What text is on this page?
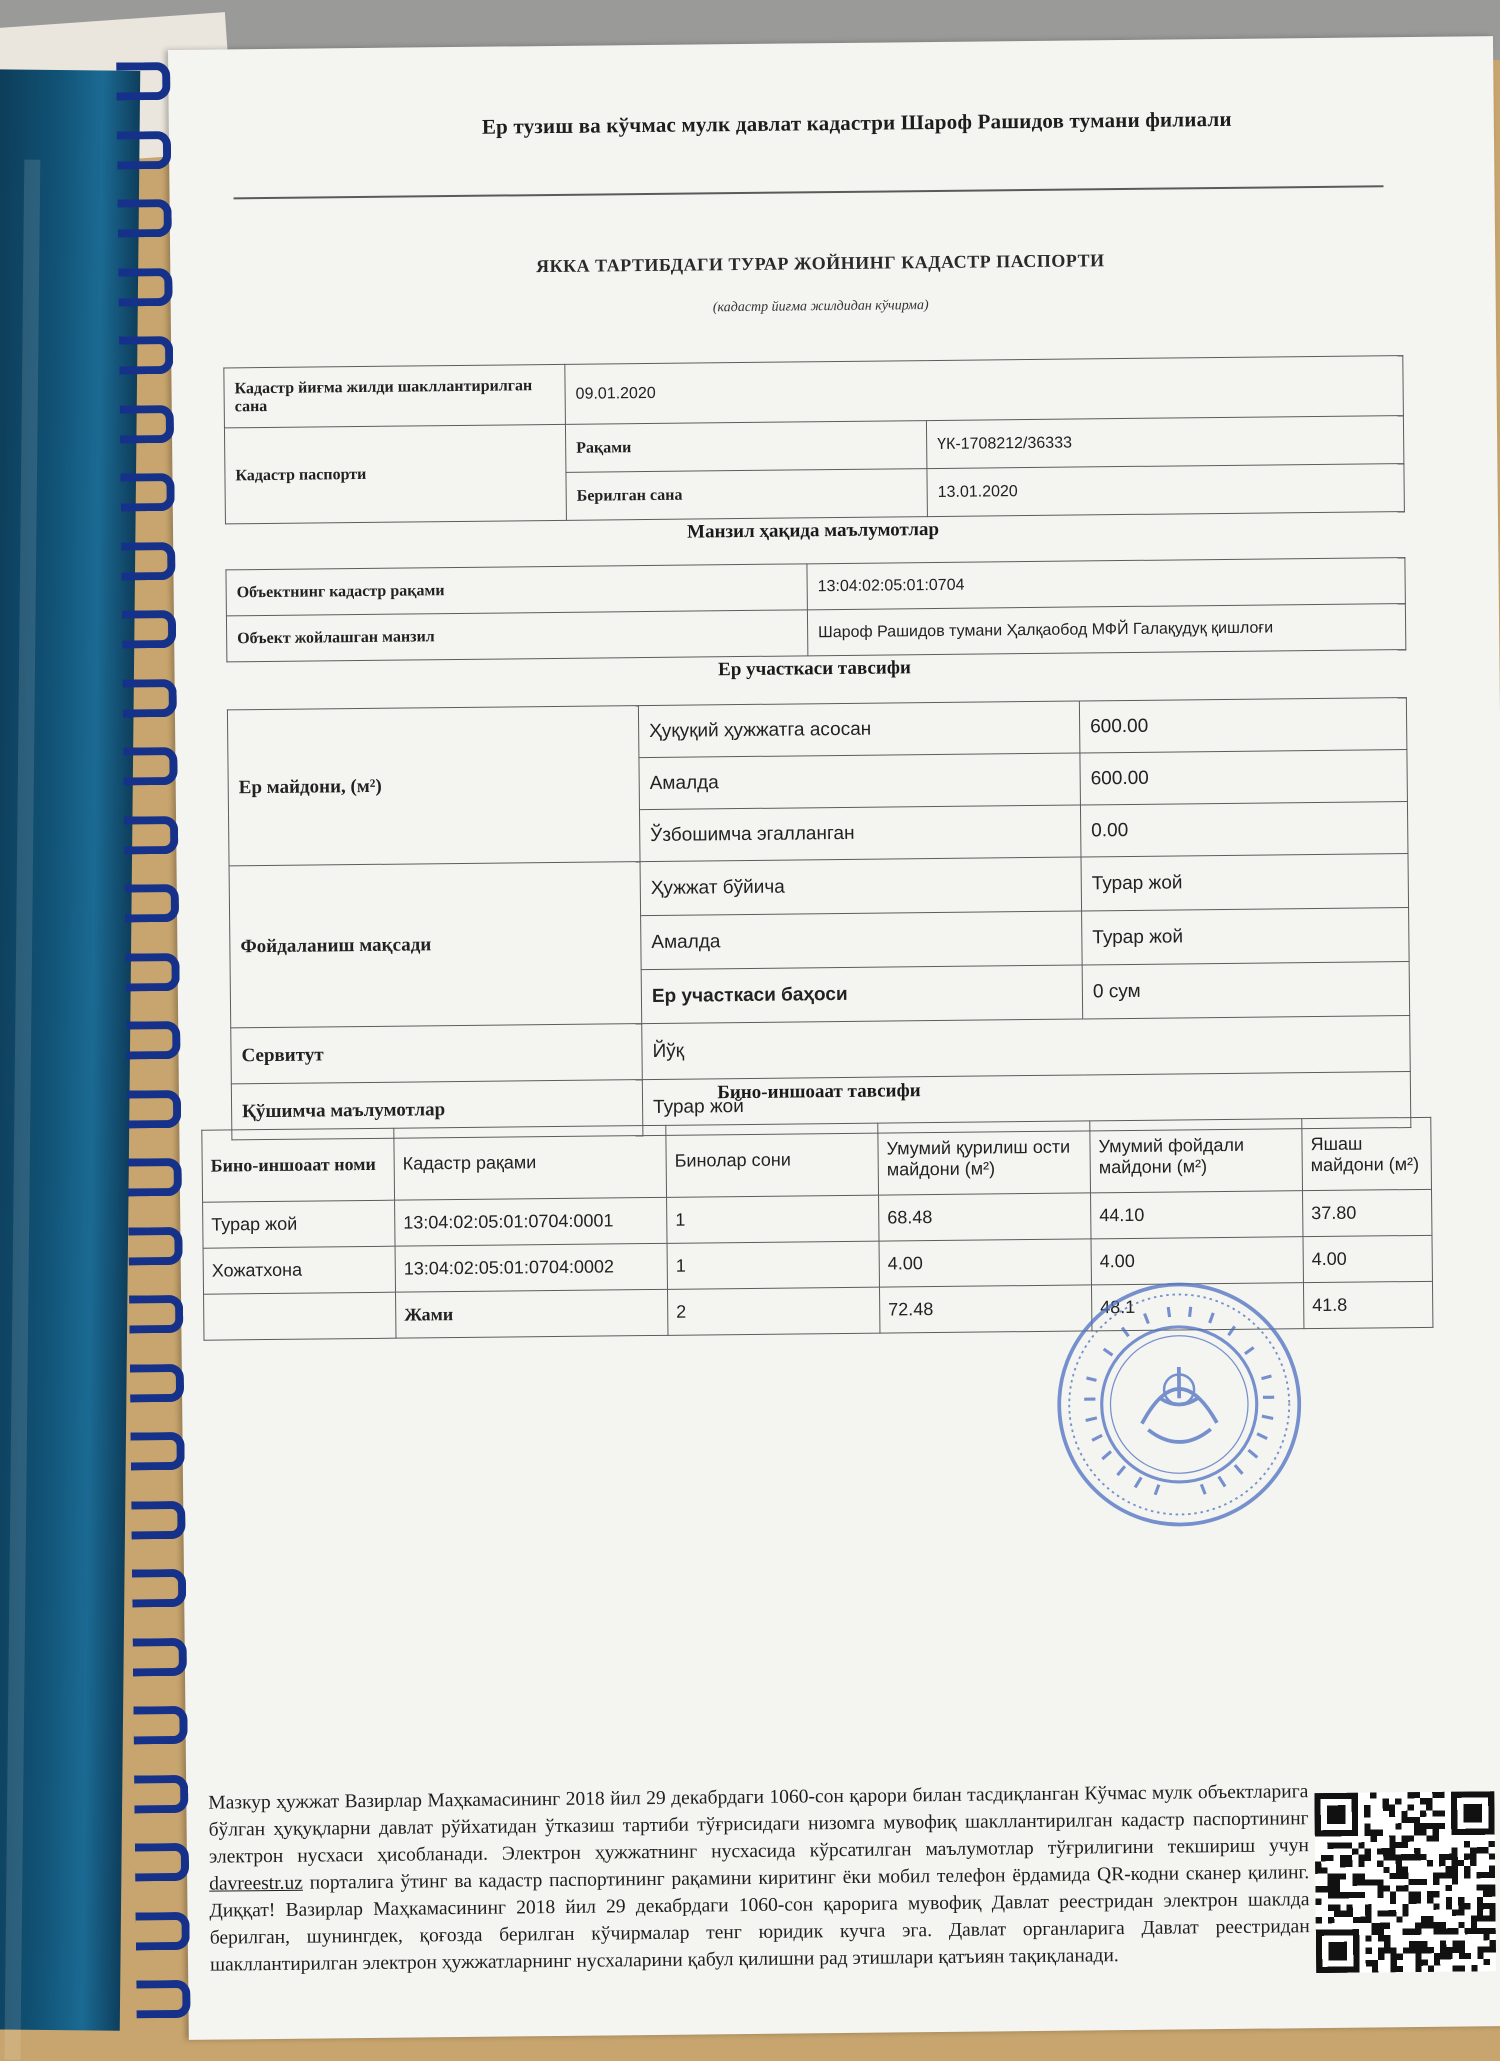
Ер тузиш ва кўчмас мулк давлат кадастри Шароф Рашидов тумани филиали
ЯККА ТАРТИБДАГИ ТУРАР ЖОЙНИНГ КАДАСТР ПАСПОРТИ
(кадастр йиғма жилдидан кўчирма)
Кадастр йиғма жилди шакллантирилган сана	09.01.2020	
Кадастр паспорти	Рақами	ҮК-1708212/36333
	Берилган сана	13.01.2020
Манзил ҳақида маълумотлар
Объектнинг кадастр рақами	13:04:02:05:01:0704
Объект жойлашган манзил	Шароф Рашидов тумани Ҳалқаобод МФЙ Галақудуқ қишлоғи
Ер участкаси тавсифи
Ер майдони, (м²)	Ҳуқуқий ҳужжатга асосан	600.00
	Амалда	600.00
	Ўзбошимча эгалланган	0.00
Фойдаланиш мақсади	Ҳужжат бўйича	Турар жой
	Амалда	Турар жой
	Ер участкаси баҳоси	0 сум
Сервитут	Йўқ	
Қўшимча маълумотлар	Турар жой	
Бино-иншоаат тавсифи
Бино-иншоаат номи	Кадастр рақами	Бинолар сони	Умумий қурилиш ости майдони (м²)	Умумий фойдали майдони (м²)	Яшаш майдони (м²)
Турар жой	13:04:02:05:01:0704:0001	1	68.48	44.10	37.80
Хожатхона	13:04:02:05:01:0704:0002	1	4.00	4.00	4.00
	Жами	2	72.48	48.1	41.8
Мазкур ҳужжат Вазирлар Маҳкамасининг 2018 йил 29 декабрдаги 1060-сон қарори билан тасдиқланган Кўчмас мулк объектларига бўлган ҳуқуқларни давлат рўйхатидан ўтказиш тартиби тўғрисидаги низомга мувофиқ шакллантирилган кадастр паспортининг электрон нусхаси ҳисобланади. Электрон ҳужжатнинг нусхасида кўрсатилган маълумотлар тўғрилигини текшириш учун davreestr.uz порталига ўтинг ва кадастр паспортининг рақамини киритинг ёки мобил телефон ёрдамида QR-кодни сканер қилинг. Диққат! Вазирлар Маҳкамасининг 2018 йил 29 декабрдаги 1060-сон қарорига мувофиқ Давлат реестридан электрон шаклда берилган, шунингдек, қоғозда берилган кўчирмалар тенг юридик кучга эга. Давлат органларига Давлат реестридан шакллантирилган электрон ҳужжатларнинг нусхаларини қабул қилишни рад этишлари қатъиян тақиқланади.
